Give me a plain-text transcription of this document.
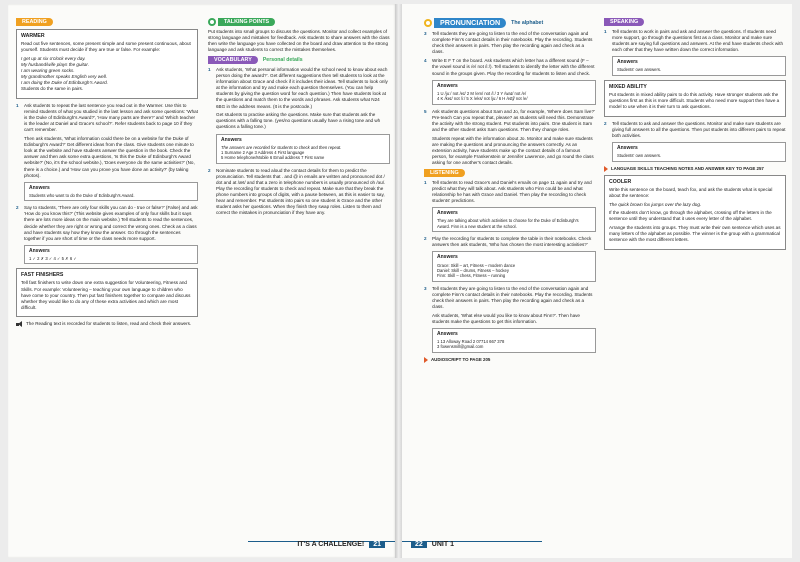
READING
WARMER

Read out five sentences, some present simple and some present continuous, about yourself. Students must decide if they are true or false. For example:

I get up at six o'clock every day.
My husband/wife plays the guitar.
I am wearing green socks.
My grandmother speaks English very well.
I am doing the Duke of Edinburgh's Award.

Students do the same in pairs.

1 Ask students to repeat the last sentence you read out in the Warmer. Use this to remind students of what you studied in the last lesson and ask some questions: 'What is the Duke of Edinburgh's Award?', 'How many parts are there?' and 'Which teacher is the leader at Daniel and Grace's school?'. Refer students back to page 10 if they can't remember.

Then ask students, 'What information could there be on a website for the Duke of Edinburgh's Award?' Get different ideas from the class. Give students one minute to look at the website and have students answer the question in the book. Check the answer and then ask some extra questions, 'Is this the Duke of Edinburgh's Award website?' (No, it's the school website.), 'Does everyone do the same activities?' (No, there is a choice.) and 'How can you prove you have done an activity?' (by taking photos).

Answers
Students who want to do the Duke of Edinburgh's Award.
2 Say to students, 'There are only four skills you can do - true or false?' (False) and ask 'How do you know this?' (This website gives examples of only four skills but it says there are lots more ideas on the main website.) Tell students to read the sentences, decide whether they are right or wrong and correct the wrong ones. Check as a class and have students say how they know the answer. Go through the sentences together if you are short of time or the class needs more support.

Answers
1 ✓ 2 ✗ 3 ✓ 4 ✓ 5 ✗ 6 ✓
FAST FINISHERS

Tell fast finishers to write down one extra suggestion for Volunteering, Fitness and Skills. For example: Volunteering – teaching your own language to children who have come to your country. Then put fast finishers together to compare and discuss whether they would like to do any of these extra activities and which are most difficult.

The Reading text is recorded for students to listen, read and check their answers.

TALKING POINTS

Put students into small groups to discuss the questions. Monitor and collect examples of strong language and mistakes for feedback. Ask students to share answers with the class then write the language you have collected on the board and draw attention to the strong language and ask students to correct the mistakes themselves.

VOCABULARY	Personal details
1 Ask students, 'What personal information would the school need to know about each person doing the award?'. Get different suggestions then tell students to look at the information about Grace and check if it includes their ideas. Tell students to look only at the information and try and make each question themselves. (You can help students by giving the question word for each question.) Then have students look at the questions and match them to the words and phrases. Ask students what N24 6BG in the address means. (It is the postcode.)

Get students to practise asking the questions. Make sure that students ask the questions with a falling tone. (yes/no questions usually have a rising tone and wh questions a falling tone.)

Answers
The answers are recorded for students to check and then repeat.
1 Surname 2 Age 3 Address 4 First language
5 Home telephone/Mobile 6 Email address 7 First name
2 Nominate students to read aloud the contact details for them to predict the pronunciation. Tell students that . and @ in emails are written and pronounced dot / dot and at /æt/ and that a zero in telephone numbers is usually pronounced oh /əʊ/. Play the recording for students to check and repeat. Make sure that they break the phone numbers into groups of digits, with a pause between, as this is easier to say, hear and remember. Put students into pairs so one student is Grace and the other student asks her questions. When they finish they swap roles. Listen to them and correct the mistakes in pronunciation if they have any.

IT'S A CHALLENGE!	21
PRONUNCIATION	The alphabet
3 Tell students they are going to listen to the end of the conversation again and complete Finn's contact details in their notebooks. Play the recording. Students check their answers in pairs. Then play the recording again and check as a class.

4 Write E F T on the board. Ask students which letter has a different sound (F – the vowel sound is /e/ not /iː/). Tell students to identify the letter with the different sound in the groups given. Play the recording for students to listen and check.

Answers
1 U /juː/ not /eɪ/ 2 M /em/ not /iː/ 3 Y /waɪ/ not /e/
4 K /keɪ/ not /iː/ 5 X /eks/ not /juː/ 6 H /eɪtʃ/ not /e/
5 Ask students questions about Sam and Jo, for example, 'Where does Sam live?' Pre-teach Can you repeat that, please? as students will need this. Demonstrate the activity with the strong student. Put students into pairs. One student is Sam and the other student asks Sam questions. Then they change roles.

Students repeat with the information about Jo. Monitor and make sure students are making the questions and pronouncing the answers correctly. As an extension activity, have students make up the contact details of a famous person, for example Frankenstein or Jennifer Lawrence, and go round the class asking for one another's contact details.

LISTENING
1 Tell students to read Grace's and Daniel's emails on page 11 again and try and predict what they will talk about. Ask students who Finn could be and what relationship he has with Grace and Daniel. Then play the recording to check students' predictions.

Answers
They are talking about which activities to choose for the Duke of Edinburgh's Award. Finn is a new student at the school.
2 Play the recording for students to complete the table in their notebooks. Check answers then ask students, 'Who has chosen the most interesting activities?'

Answers
Grace: Skill – art, Fitness – modern dance
Daniel: Skill – drums, Fitness – hockey
Finn: Skill – chess, Fitness – running
3 Tell students they are going to listen to the end of the conversation again and complete Finn's contact details in their notebooks. Play the recording. Students check their answers in pairs. Then play the recording again and check as a class.

Ask students, 'What else would you like to know about Finn?'. Then have students make the questions to get this information.

Answers
1 13 Alloway Road 2 07714 667 378
3 fowensmill@gmail.com
AUDIOSCRIPT TO PAGE 205
SPEAKING
1 Tell students to work in pairs and ask and answer the questions. If students need more support, go through the questions first as a class. Monitor and make sure students are saying full questions and answers. At the end have students check with each other that they have written down the correct information.

Answers
Students' own answers.
MIXED ABILITY

Put students in mixed ability pairs to do this activity. Have stronger students ask the questions first as this is more difficult. Students who need more support then have a model to use when it is their turn to ask questions.

2 Tell students to ask and answer the questions. Monitor and make sure students are giving full answers to all the questions. Then put students into different pairs to repeat both activities.

Answers
Students' own answers.
LANGUAGE SKILLS TEACHING NOTES AND ANSWER KEY TO PAGE 257
COOLER

Write this sentence on the board, teach fox, and ask the students what is special about the sentence:

The quick brown fox jumps over the lazy dog.

If the students don't know, go through the alphabet, crossing off the letters in the sentence until they understand that it uses every letter of the alphabet.

Arrange the students into groups. They must write their own sentence which uses as many letters of the alphabet as possible. The winner is the group with a grammatical sentence with the most different letters.

22	UNIT 1
